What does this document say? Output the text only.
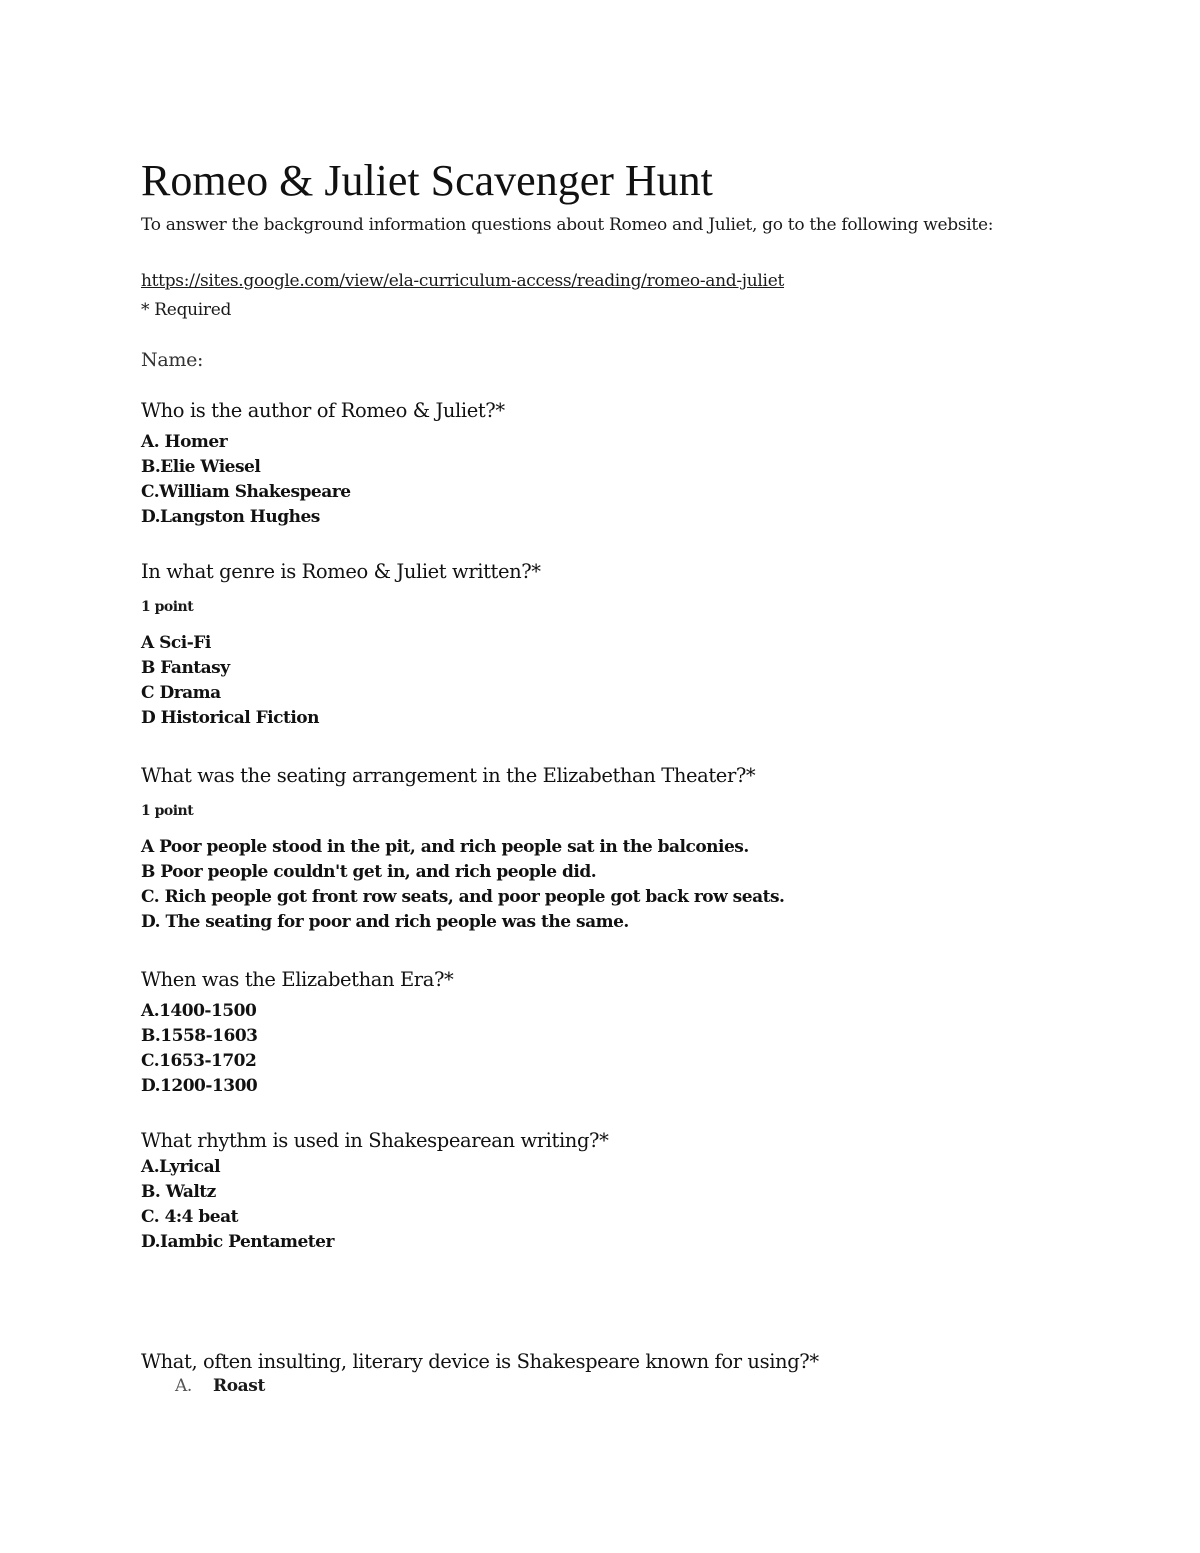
Romeo & Juliet Scavenger Hunt
To answer the background information questions about Romeo and Juliet, go to the following website:
https://sites.google.com/view/ela-curriculum-access/reading/romeo-and-juliet
* Required
Name:
Who is the author of Romeo & Juliet?*
A. Homer
B.Elie Wiesel
C.William Shakespeare
D.Langston Hughes
In what genre is Romeo & Juliet written?*
1 point
A Sci-Fi
B Fantasy
C Drama
D Historical Fiction
What was the seating arrangement in the Elizabethan Theater?*
1 point
A Poor people stood in the pit, and rich people sat in the balconies.
B Poor people couldn't get in, and rich people did.
C. Rich people got front row seats, and poor people got back row seats.
D. The seating for poor and rich people was the same.
When was the Elizabethan Era?*
A.1400-1500
B.1558-1603
C.1653-1702
D.1200-1300
What rhythm is used in Shakespearean writing?*
A.Lyrical
B. Waltz
C. 4:4 beat
D.Iambic Pentameter
What, often insulting, literary device is Shakespeare known for using?*
A. Roast
